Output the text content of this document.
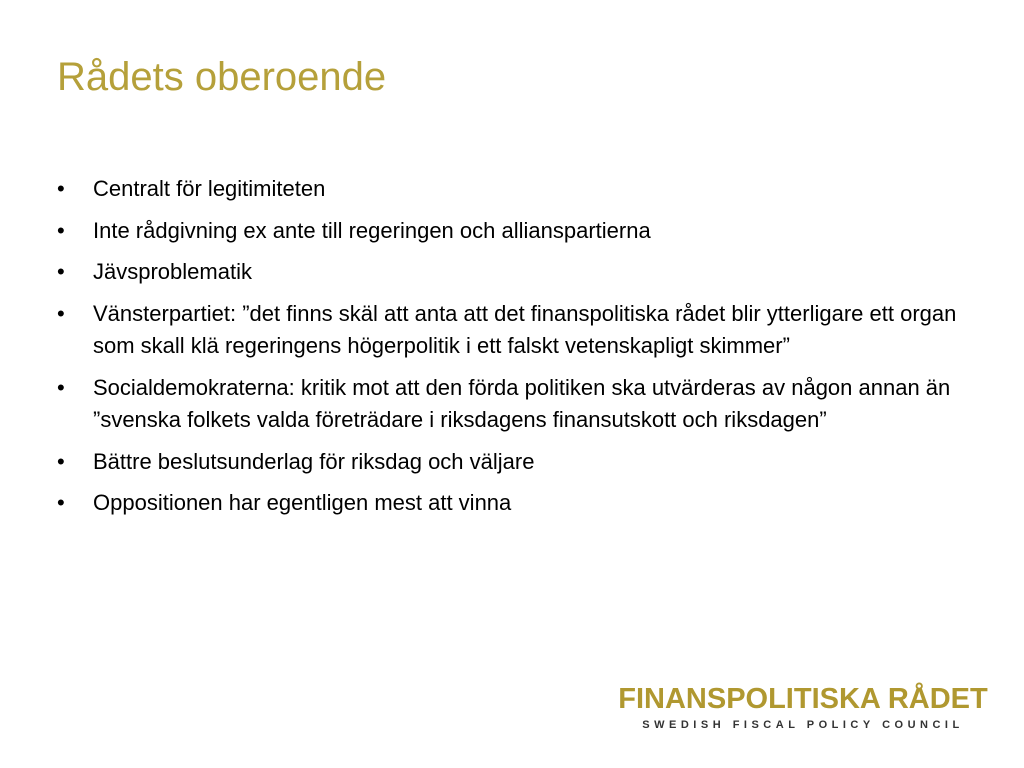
Rådets oberoende
•	Centralt för legitimiteten
•	Inte rådgivning ex ante till regeringen och allianspartierna
•	Jävsproblematik
•	Vänsterpartiet: ”det finns skäl att anta att det finanspolitiska rådet blir ytterligare ett organ som skall klä regeringens högerpolitik i ett falskt vetenskapligt skimmer”
•	Socialdemokraterna: kritik mot att den förda politiken ska utvärderas av någon annan än ”svenska folkets valda företrädare i riksdagens finansutskott och riksdagen”
•	Bättre beslutsunderlag för riksdag och väljare
•	Oppositionen har egentligen mest att vinna
FINANSPOLITISKA RÅDET
SWEDISH FISCAL POLICY COUNCIL
